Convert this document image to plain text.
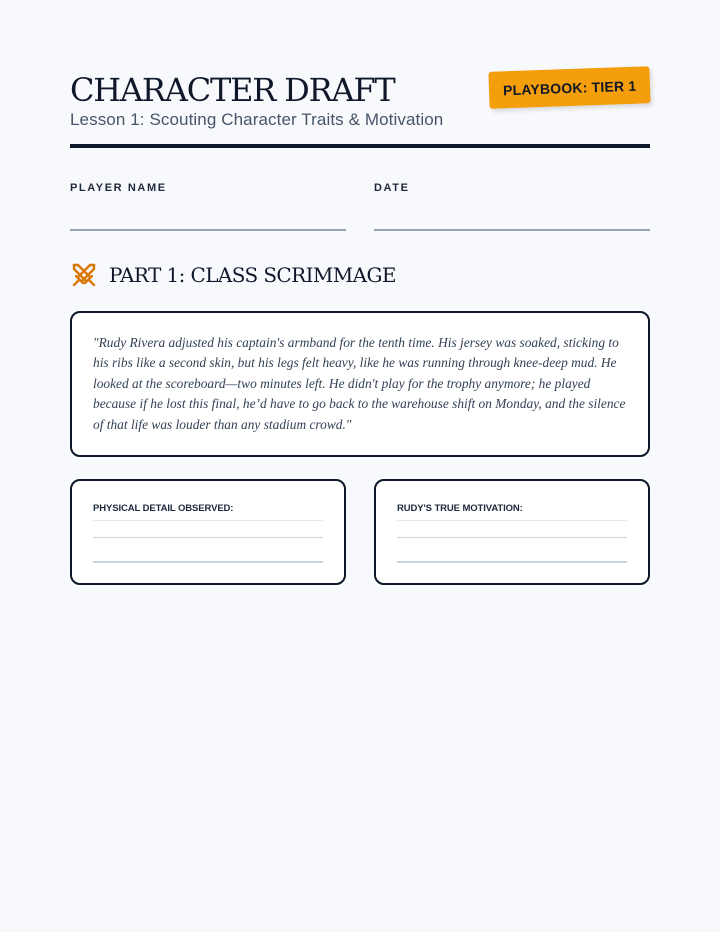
CHARACTER DRAFT
Lesson 1: Scouting Character Traits & Motivation
PLAYBOOK: TIER 1
PLAYER NAME	DATE
PART 1: CLASS SCRIMMAGE

"Rudy Rivera adjusted his captain's armband for the tenth time. His jersey was soaked, sticking to his ribs like a second skin, but his legs felt heavy, like he was running through knee-deep mud. He looked at the scoreboard—two minutes left. He didn't play for the trophy anymore; he played because if he lost this final, he’d have to go back to the warehouse shift on Monday, and the silence of that life was louder than any stadium crowd."

PHYSICAL DETAIL OBSERVED:	RUDY'S TRUE MOTIVATION:
